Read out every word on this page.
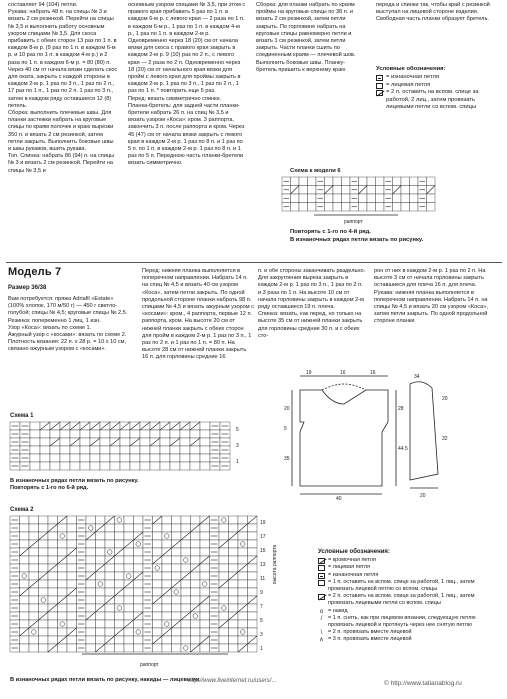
составляет 94 (104) петли.

Рукава: набрать 48 п. на спицы № 3 и вязать 2 см резинкой. Перейти на спицы № 3,5 и выполнить работу основным узором спицами № 3,5. Для скоса прибавить с обеих сторон 13 раз по 1 п. в каждом 8-м р. (9 раз по 1 п. в каждом 6-м р. и 10 раз по 1 п. в каждом 4-м р.) и 2 раза по 1 п. в каждом 6-м р. = 80 (80) п. Через 40 см от начала вязки сделать скос для оката, закрыть с каждой стороны в каждом 2-м р. 1 раз по 3 п., 1 раз по 2 п., 17 раз по 1 п., 1 раз по 2 п. 1 раз по 3 п., затем в каждом ряду оставшиеся 12 (8) петель.

Сборка: выполнить плечевые швы. Для планки застежки набрать на круговые спицы по краям полочек и краю вырезки 350 п. и вязать 2 см резинкой, затем петли закрыть. Выполнить боковые швы и швы рукавов, вшить рукава.

Топ. Спинка: набрать 86 (94) п. на спицы № 3 и вязать 2 см резинкой. Перейти на спицы № 3,5 и

основным узором спицами № 3,5, при этом с правого края прибавить 5 раз по 1 п. в каждом 6-м р. с левого края — 2 раза по 1 п. в каждом 6-м р., 1 раз по 1 п. в каждом 4-м р., 1 раз по 1 п. в каждом 2-м р. Одновременно через 18 (20) см от начала вязки для скоса с правого края закрыть в каждом 2-м р. 9 (10) раз по 2 п., с левого края — 2 раза по 2 п. Одновременно через 18 (20) см от начального края вязки для пройм с левого края для проймы закрыть в каждом 2-м р. 1 раз по 3 п., 1 раз по 2 п., 1 раз по 1 п. * повторить еще 5 раз.

Перед: вязать симметрично спинке.

Планка-бретель: для задней части планки-бретели набрать 26 п. на спиц № 3,5 и вязать узором «Коса»: кром. 3 раппорта, закончить 3 п. после раппорта и кром. Через 45 (47) см от начала вязки закрыть с левого края в каждом 2-м р. 1 раз по 8 п. и 1 раз по 5 п. по 1 п. в каждом 2-м р. 1 раз по 8 п. и 1 раз по 5 п. Переднюю часть планки-бретели вязать симметрично.

Сборка: для планки набрать по краям проймы на круговые спицы по 38 п. и вязать 2 см резинкой, затем петли закрыть. По горловине набрать на круговые спицы равномерно петли и вязать 1 см резинкой, затем петли закрыть. Части планки сшить по соединенным краям — плечевой шов. Выполнить боковые швы. Планку-бретель пришить к верхнему краю

переда и спинки так, чтобы край с резинкой выступал на лицевой стороне изделия. Свободная часть планки образует бретель.

Условные обозначения:
= изнаночная петля
= лицевая петля
= 2 п. оставить на вспом. спице за работой, 2 лиц., затем провязать лицевыми петли со вспом. спицы
Схема к модели 6
раппорт
Повторять с 1-го по 4-й ряд.
В изнаночных рядах петли вязать по рисунку.
Модель 7
Размер 36/38

Вам потребуется: пряжа Adriafil «Estate» (100% хлопок, 170 м/50 г) — 450 г светло-голубой; спицы № 4,5; круговые спицы № 2,5.

Резинка: попеременно 1 лиц. 1 изн.

Узор «Коса»: вязать по схеме 1.

Ажурный узор с «косами»: вязать по схеме 2.

Плотность вязания: 22 п. х 28 р. = 10 х 10 см, связано ажурным узором с «косами».

Перед: нижняя планка выполняется в поперечном направлении. Набрать 14 п. на спиц № 4,5 и вязать 40 см узором «Коса», затем петли закрыть. По одной продольной стороне планки набрать 98 п. спицами № 4,5 и вязать ажурным узором с «косами»: кром., 4 раппорта, первые 12 п. раппорта, кром. На высоте 20 см от нижней планки закрыть с обеих сторон для пройм в каждом 2-м р. 1 раз по 3 п., 1 раз по 2 п. и 1 раз по 1 п. = 80 п. На высоте 28 см от нижней планки закрыть 16 п. для горловины средние 16

п. и обе стороны заканчивать раздельно. Для закругления выреза закрыть в каждом 2-м р. 1 раз по 3 п., 1 раз по 2 п. и 3 раза по 1 п. На высоте 10 см от начала горловины закрыть в каждом 2-м ряду оставшиеся 19 п. плеча.

Спинка: вязать, как перед, но только на высоте 35 см от нижней планки закрыть для горловины средние 30 п. и с обеих сто-

рон от них в каждом 2-м р. 1 раз по 2 п. На высоте 3 см от начала горловины закрыть оставшиеся для плеча 16 п. для плеча.

Рукава: нижняя планка выполняется в поперечном направлении. Набрать 14 п. на спицы № 4,5 и вязать 20 см узором «Коса», затем петли закрыть. По одной продольной стороне планки

19	16	16
20
5
35
28
44.5
20
32
34
40	20
Схема 1
5
3
1
В изнаночных рядах петли вязать по рисунку.
Повторять с 1-го по 6-й ряд.
Схема 2
19
17
15
13
11
9
7
5
3
1
высота раппорта
раппорт
В изнаночных рядах петли вязать по рисунку, накиды — лицевыми.
Условные обозначения:
= кромочная петля
= лицевая петля
= изнаночная петля
= 1 п. оставить на вспом. спице за работой, 1 лиц., затем провязать лицевой петлю со вспом. спицы
= 2 п. оставить на вспом. спице за работой, 1 лиц., затем провязать лицевыми петли со вспом. спицы
о = накид
/	= 1 п. снять, как при лицевом вязании, следующую петлю провязать лицевой и протянуть через нее снятую петлю
\	= 2 п. провязать вместе лицевой
∧ = 3 п. провязать вместе лицевой
http://www.liveinternet.ru/users/…	© http://www.tatianablog.ru
